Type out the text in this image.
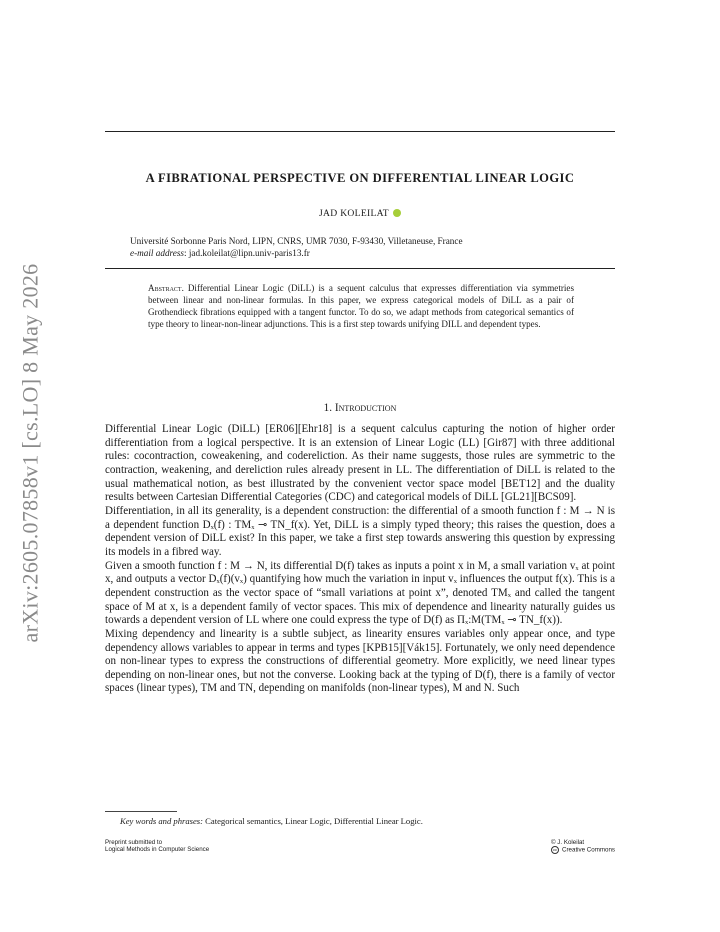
arXiv:2605.07858v1 [cs.LO] 8 May 2026
A FIBRATIONAL PERSPECTIVE ON DIFFERENTIAL LINEAR LOGIC
JAD KOLEILAT
Université Sorbonne Paris Nord, LIPN, CNRS, UMR 7030, F-93430, Villetaneuse, France
e-mail address: jad.koleilat@lipn.univ-paris13.fr

Abstract. Differential Linear Logic (DiLL) is a sequent calculus that expresses differentiation via symmetries between linear and non-linear formulas. In this paper, we express categorical models of DiLL as a pair of Grothendieck fibrations equipped with a tangent functor. To do so, we adapt methods from categorical semantics of type theory to linear-non-linear adjunctions. This is a first step towards unifying DILL and dependent types.

1. Introduction

Differential Linear Logic (DiLL) [ER06][Ehr18] is a sequent calculus capturing the notion of higher order differentiation from a logical perspective. It is an extension of Linear Logic (LL) [Gir87] with three additional rules: cocontraction, coweakening, and codereliction. As their name suggests, those rules are symmetric to the contraction, weakening, and dereliction rules already present in LL. The differentiation of DiLL is related to the usual mathematical notion, as best illustrated by the convenient vector space model [BET12] and the duality results between Cartesian Differential Categories (CDC) and categorical models of DiLL [GL21][BCS09].

Differentiation, in all its generality, is a dependent construction: the differential of a smooth function f : M → N is a dependent function Dₓ(f) : TMₓ ⊸ TN_f(x). Yet, DiLL is a simply typed theory; this raises the question, does a dependent version of DiLL exist? In this paper, we take a first step towards answering this question by expressing its models in a fibred way.

Given a smooth function f : M → N, its differential D(f) takes as inputs a point x in M, a small variation vₓ at point x, and outputs a vector Dₓ(f)(vₓ) quantifying how much the variation in input vₓ influences the output f(x). This is a dependent construction as the vector space of “small variations at point x”, denoted TMₓ and called the tangent space of M at x, is a dependent family of vector spaces. This mix of dependence and linearity naturally guides us towards a dependent version of LL where one could express the type of D(f) as Πₓ:M(TMₓ ⊸ TN_f(x)).

Mixing dependency and linearity is a subtle subject, as linearity ensures variables only appear once, and type dependency allows variables to appear in terms and types [KPB15][Vák15]. Fortunately, we only need dependence on non-linear types to express the constructions of differential geometry. More explicitly, we need linear types depending on non-linear ones, but not the converse. Looking back at the typing of D(f), there is a family of vector spaces (linear types), TM and TN, depending on manifolds (non-linear types), M and N. Such

Key words and phrases: Categorical semantics, Linear Logic, Differential Linear Logic.
Preprint submitted to
Logical Methods in Computer Science
© J. Koleilat
cc Creative Commons
